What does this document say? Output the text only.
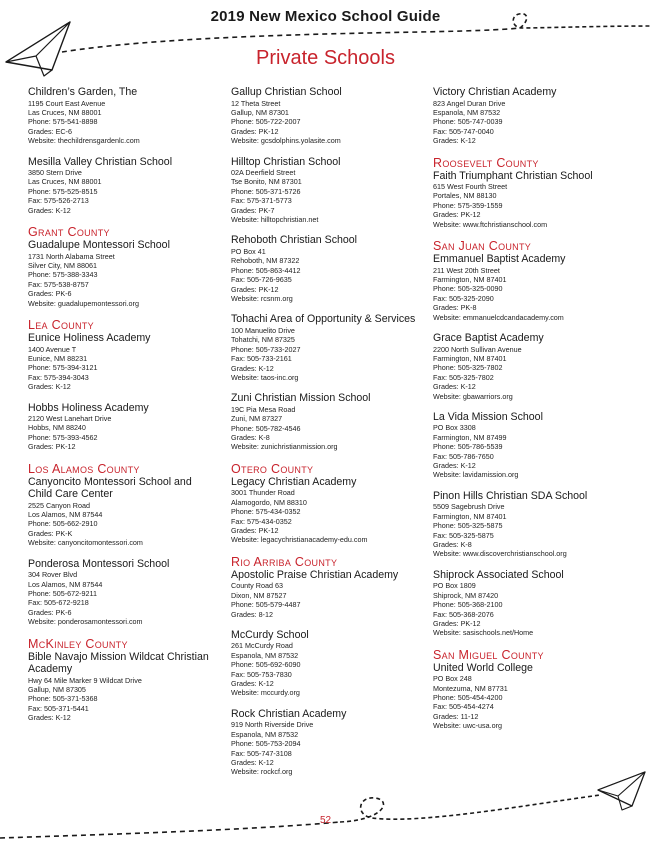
2019 New Mexico School Guide
Private Schools
Children’s Garden, The
1195 Court East Avenue
Las Cruces, NM 88001
Phone: 575-541-8898
Grades: EC-6
Website: thechildrensgardenlc.com
Mesilla Valley Christian School
3850 Stern Drive
Las Cruces, NM 88001
Phone: 575-525-8515
Fax: 575-526-2713
Grades: K-12
Grant County
Guadalupe Montessori School
1731 North Alabama Street
Silver City, NM 88061
Phone: 575-388-3343
Fax: 575-538-8757
Grades: PK-6
Website: guadalupemontessori.org
Lea County
Eunice Holiness Academy
1400 Avenue T
Eunice, NM 88231
Phone: 575-394-3121
Fax: 575-394-3043
Grades: K-12
Hobbs Holiness Academy
2120 West Lanehart Drive
Hobbs, NM 88240
Phone: 575-393-4562
Grades: PK-12
Los Alamos County
Canyoncito Montessori School and Child Care Center
2525 Canyon Road
Los Alamos, NM 87544
Phone: 505-662-2910
Grades: PK-K
Website: canyoncitomontessori.com
Ponderosa Montessori School
304 Rover Blvd
Los Alamos, NM 87544
Phone: 505-672-9211
Fax: 505-672-9218
Grades: PK-6
Website: ponderosamontessori.com
McKinley County
Bible Navajo Mission Wildcat Christian Academy
Hwy 64 Mile Marker 9 Wildcat Drive
Gallup, NM 87305
Phone: 505-371-5368
Fax: 505-371-5441
Grades: K-12
Gallup Christian School
12 Theta Street
Gallup, NM 87301
Phone: 505-722-2007
Grades: PK-12
Website: gcsdolphins.yolasite.com
Hilltop Christian School
02A Deerfield Street
Tse Bonito, NM 87301
Phone: 505-371-5726
Fax: 575-371-5773
Grades: PK-7
Website: hilltopchristian.net
Rehoboth Christian School
PO Box 41
Rehoboth, NM 87322
Phone: 505-863-4412
Fax: 505-726-9635
Grades: PK-12
Website: rcsnm.org
Tohachi Area of Opportunity & Services
100 Manuelito Drive
Tohatchi, NM 87325
Phone: 505-733-2027
Fax: 505-733-2161
Grades: K-12
Website: taos-inc.org
Zuni Christian Mission School
19C Pia Mesa Road
Zuni, NM 87327
Phone: 505-782-4546
Grades: K-8
Website: zunichristianmission.org
Otero County
Legacy Christian Academy
3001 Thunder Road
Alamogordo, NM 88310
Phone: 575-434-0352
Fax: 575-434-0352
Grades: PK-12
Website: legacychristianacademy-edu.com
Rio Arriba County
Apostolic Praise Christian Academy
County Road 63
Dixon, NM 87527
Phone: 505-579-4487
Grades: 8-12
McCurdy School
261 McCurdy Road
Espanola, NM 87532
Phone: 505-692-6090
Fax: 505-753-7830
Grades: K-12
Website: mccurdy.org
Rock Christian Academy
919 North Riverside Drive
Espanola, NM 87532
Phone: 505-753-2094
Fax: 505-747-3108
Grades: K-12
Website: rockcf.org
Victory Christian Academy
823 Angel Duran Drive
Espanola, NM 87532
Phone: 505-747-0039
Fax: 505-747-0040
Grades: K-12
Roosevelt County
Faith Triumphant Christian School
615 West Fourth Street
Portales, NM 88130
Phone: 575-359-1559
Grades: PK-12
Website: www.ftchristianschool.com
San Juan County
Emmanuel Baptist Academy
211 West 20th Street
Farmington, NM 87401
Phone: 505-325-0090
Fax: 505-325-2090
Grades: PK-8
Website: emmanuelcdcandacademy.com
Grace Baptist Academy
2200 North Sullivan Avenue
Farmington, NM 87401
Phone: 505-325-7802
Fax: 505-325-7802
Grades: K-12
Website: gbawarriors.org
La Vida Mission School
PO Box 3308
Farmington, NM 87499
Phone: 505-786-5539
Fax: 505-786-7650
Grades: K-12
Website: lavidamission.org
Pinon Hills Christian SDA School
5509 Sagebrush Drive
Farmington, NM 87401
Phone: 505-325-5875
Fax: 505-325-5875
Grades: K-8
Website: www.discoverchristianschool.org
Shiprock Associated School
PO Box 1809
Shiprock, NM 87420
Phone: 505-368-2100
Fax: 505-368-2076
Grades: PK-12
Website: sasischools.net/Home
San Miguel County
United World College
PO Box 248
Montezuma, NM 87731
Phone: 505-454-4200
Fax: 505-454-4274
Grades: 11-12
Website: uwc-usa.org
52
